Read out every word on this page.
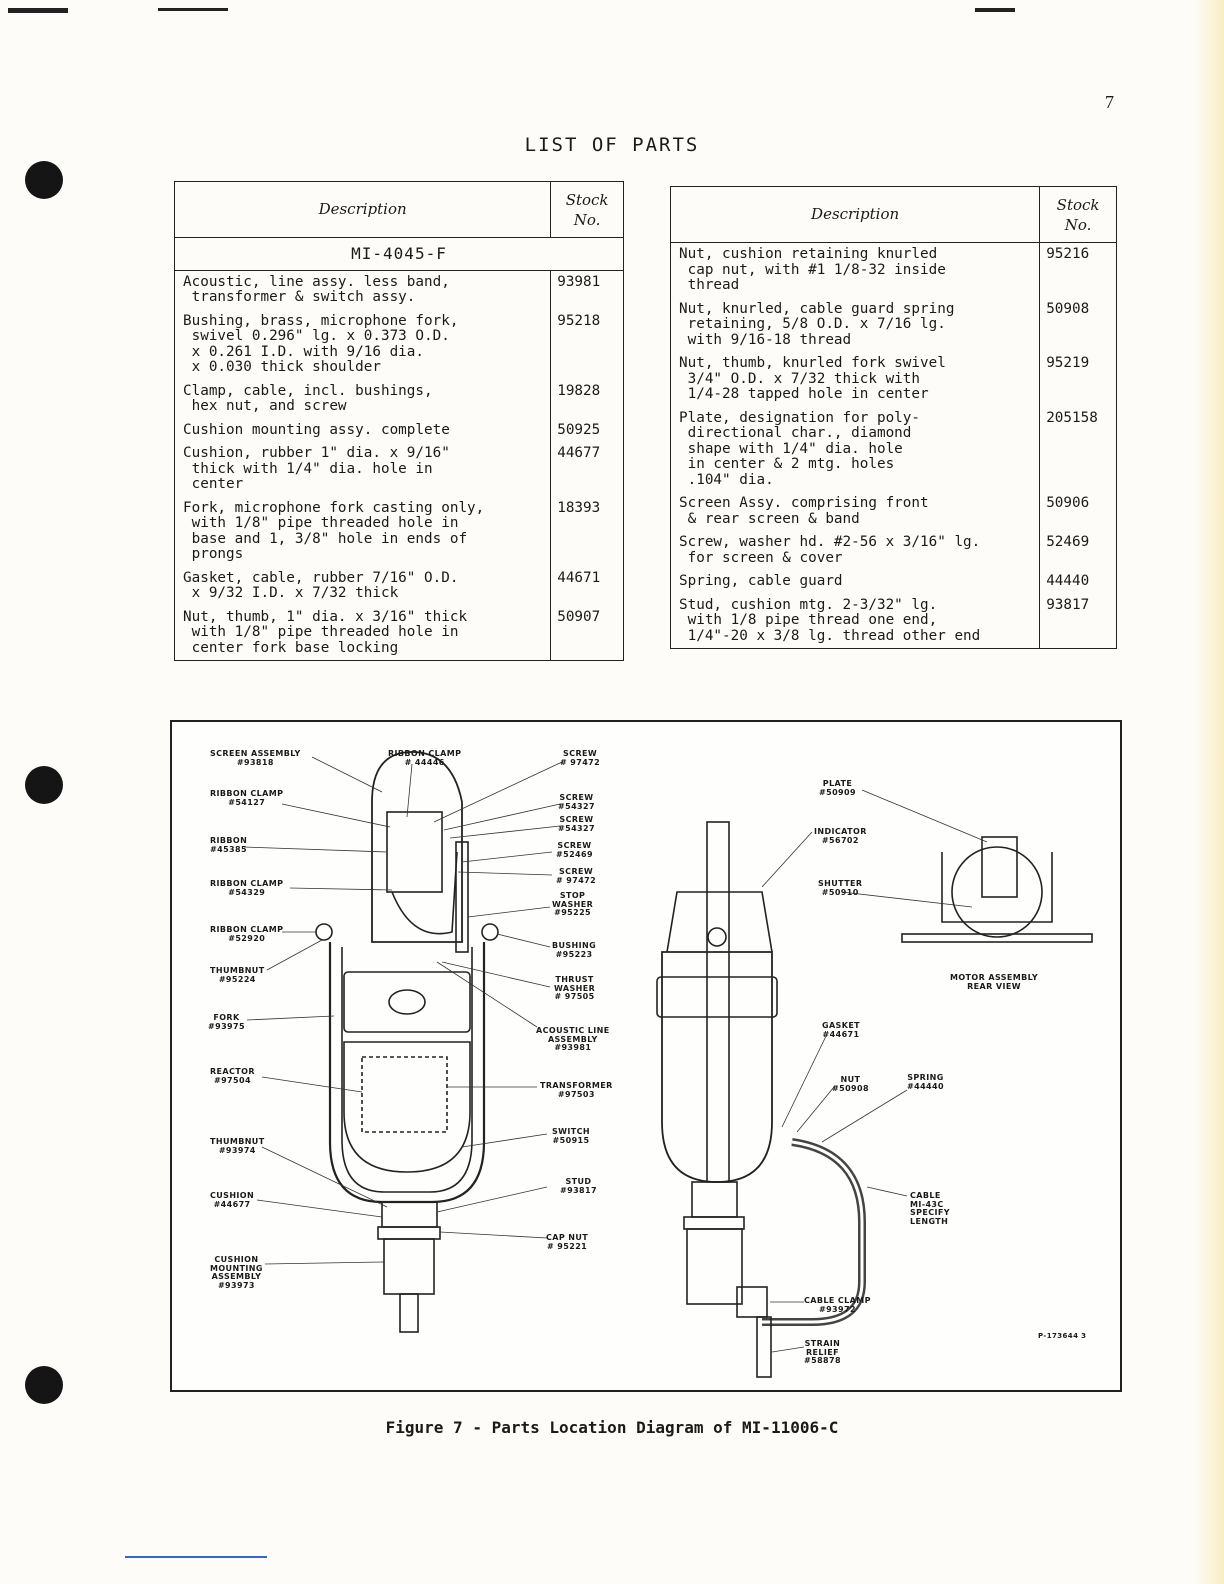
7
LIST OF PARTS
Description	Stock No.
MI-4045-F	
Acoustic, line assy. less band,
transformer & switch assy.	93981
Bushing, brass, microphone fork,
swivel 0.296" lg. x 0.373 O.D.
x 0.261 I.D. with 9/16 dia.
x 0.030 thick shoulder	95218
Clamp, cable, incl. bushings,
hex nut, and screw	19828
Cushion mounting assy. complete	50925
Cushion, rubber 1" dia. x 9/16"
thick with 1/4" dia. hole in
center	44677
Fork, microphone fork casting only,
with 1/8" pipe threaded hole in
base and 1, 3/8" hole in ends of
prongs	18393
Gasket, cable, rubber 7/16" O.D.
x 9/32 I.D. x 7/32 thick	44671
Nut, thumb, 1" dia. x 3/16" thick
with 1/8" pipe threaded hole in
center fork base locking	50907
Description	Stock No.
Nut, cushion retaining knurled
cap nut, with #1 1/8-32 inside
thread	95216
Nut, knurled, cable guard spring
retaining, 5/8 O.D. x 7/16 lg.
with 9/16-18 thread	50908
Nut, thumb, knurled fork swivel
3/4" O.D. x 7/32 thick with
1/4-28 tapped hole in center	95219
Plate, designation for poly-
directional char., diamond
shape with 1/4" dia. hole
in center & 2 mtg. holes
.104" dia.	205158
Screen Assy. comprising front
& rear screen & band	50906
Screw, washer hd. #2-56 x 3/16" lg.
for screen & cover	52469
Spring, cable guard	44440
Stud, cushion mtg. 2-3/32" lg.
with 1/8 pipe thread one end,
1/4"-20 x 3/8 lg. thread other end	93817
SCREEN ASSEMBLY
#93818
RIBBON CLAMP
# 44446
SCREW
# 97472
RIBBON CLAMP
#54127	SCREW
#54327
SCREW
#54327
RIBBON
#45385	SCREW
#52469
SCREW
# 97472
RIBBON CLAMP
#54329	STOP
WASHER
#95225
RIBBON CLAMP
#52920
BUSHING
#95223
THUMBNUT
#95224	THRUST
WASHER
# 97505
FORK
#93975	ACOUSTIC LINE
ASSEMBLY
#93981
REACTOR
#97504
TRANSFORMER
#97503
SWITCH
#50915
THUMBNUT
#93974
STUD
#93817
CUSHION
#44677
CAP NUT
# 95221
CUSHION
MOUNTING
ASSEMBLY
#93973
PLATE
#50909
INDICATOR
#56702
SHUTTER
#50910
MOTOR ASSEMBLY
REAR VIEW
GASKET
#44671
NUT
#50908
SPRING
#44440
CABLE
MI-43C
SPECIFY
LENGTH
CABLE CLAMP
#93972
STRAIN
RELIEF
#58878
P-173644 3
Figure 7 - Parts Location Diagram of MI-11006-C
